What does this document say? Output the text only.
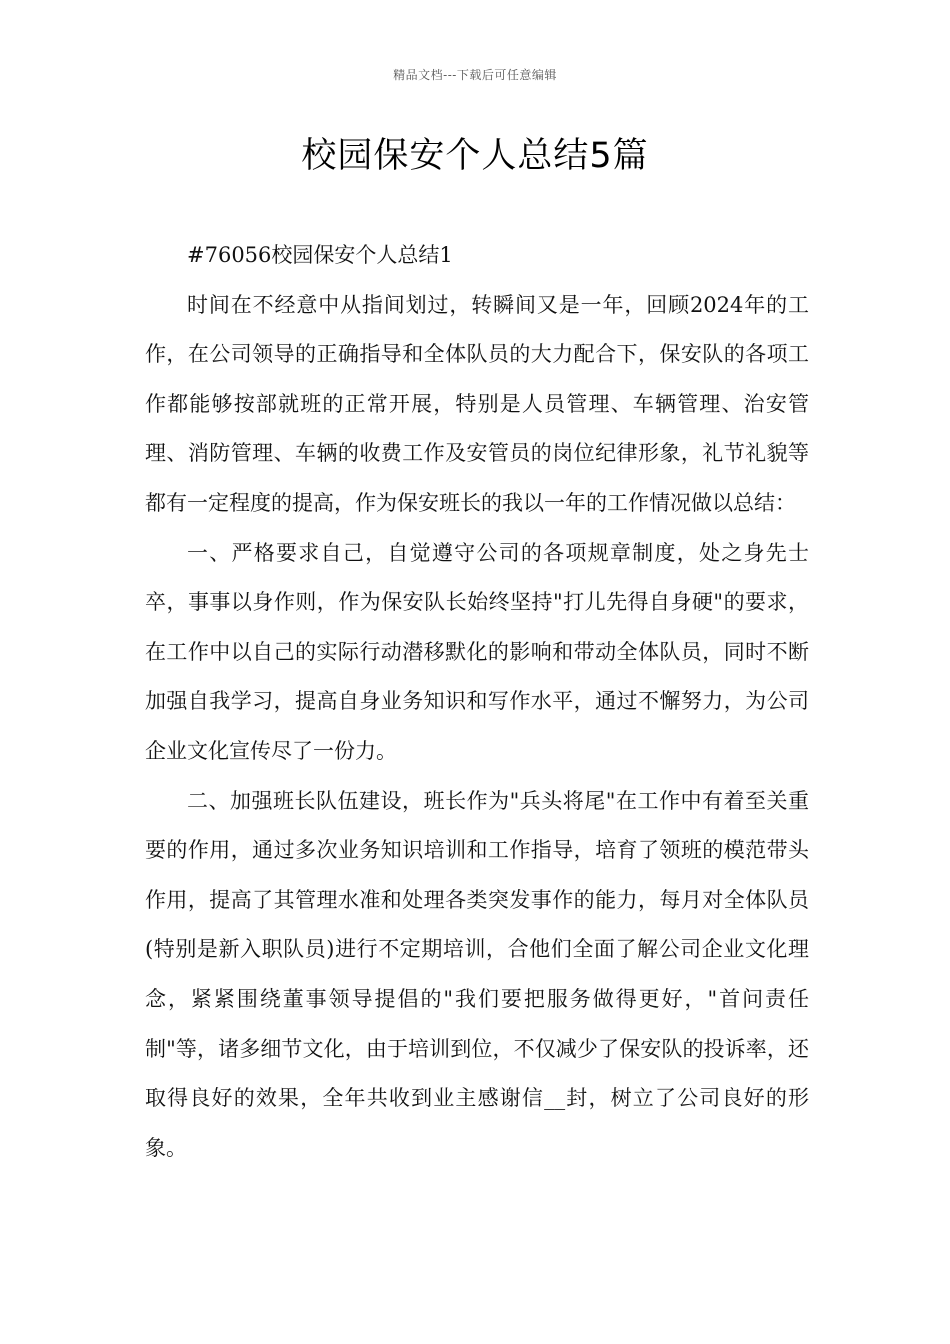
精品文档---下载后可任意编辑
校园保安个人总结5篇

#76056校园保安个人总结1

时间在不经意中从指间划过，转瞬间又是一年，回顾2024年的工作，在公司领导的正确指导和全体队员的大力配合下，保安队的各项工作都能够按部就班的正常开展，特别是人员管理、车辆管理、治安管理、消防管理、车辆的收费工作及安管员的岗位纪律形象，礼节礼貌等都有一定程度的提高，作为保安班长的我以一年的工作情况做以总结：

一、严格要求自己，自觉遵守公司的各项规章制度，处之身先士卒，事事以身作则，作为保安队长始终坚持"打儿先得自身硬"的要求，在工作中以自己的实际行动潜移默化的影响和带动全体队员，同时不断加强自我学习，提高自身业务知识和写作水平，通过不懈努力，为公司企业文化宣传尽了一份力。

二、加强班长队伍建设，班长作为"兵头将尾"在工作中有着至关重要的作用，通过多次业务知识培训和工作指导，培育了领班的模范带头作用，提高了其管理水准和处理各类突发事作的能力，每月对全体队员(特别是新入职队员)进行不定期培训，合他们全面了解公司企业文化理念，紧紧围绕董事领导提倡的"我们要把服务做得更好，"首问责任制"等，诸多细节文化，由于培训到位，不仅减少了保安队的投诉率，还取得良好的效果，全年共收到业主感谢信__封，树立了公司良好的形象。
